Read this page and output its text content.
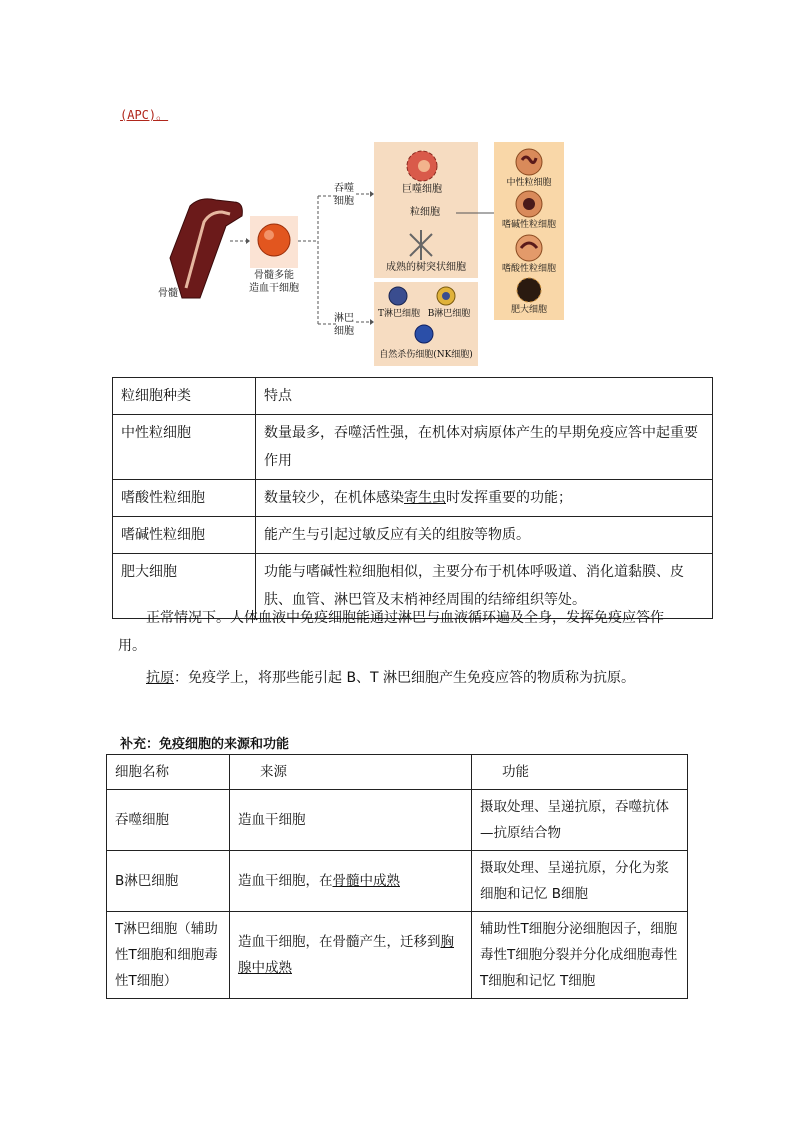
(APC)。
骨髓
骨髓多能
造血干细胞
吞噬
细胞
淋巴
细胞
巨噬细胞
粒细胞
成熟的树突状细胞
T淋巴细胞 B淋巴细胞
自然杀伤细胞(NK细胞)
中性粒细胞
嗜碱性粒细胞
嗜酸性粒细胞
肥大细胞
粒细胞种类	特点
中性粒细胞	数量最多，吞噬活性强，在机体对病原体产生的早期免疫应答中起重要作用
嗜酸性粒细胞	数量较少，在机体感染寄生虫时发挥重要的功能；
嗜碱性粒细胞	能产生与引起过敏反应有关的组胺等物质。
肥大细胞	功能与嗜碱性粒细胞相似，主要分布于机体呼吸道、消化道黏膜、皮肤、血管、淋巴管及末梢神经周围的结缔组织等处。
正常情况下。人体血液中免疫细胞能通过淋巴与血液循环遍及全身，发挥免疫应答作用。
抗原：免疫学上，将那些能引起 B、T 淋巴细胞产生免疫应答的物质称为抗原。
补充：免疫细胞的来源和功能
细胞名称	来源	功能
吞噬细胞	造血干细胞	摄取处理、呈递抗原，吞噬抗体—抗原结合物
B淋巴细胞	造血干细胞，在骨髓中成熟	摄取处理、呈递抗原，分化为浆细胞和记忆 B细胞
T淋巴细胞（辅助性T细胞和细胞毒性T细胞）	造血干细胞，在骨髓产生，迁移到胸腺中成熟	辅助性T细胞分泌细胞因子，细胞毒性T细胞分裂并分化成细胞毒性T细胞和记忆 T细胞
